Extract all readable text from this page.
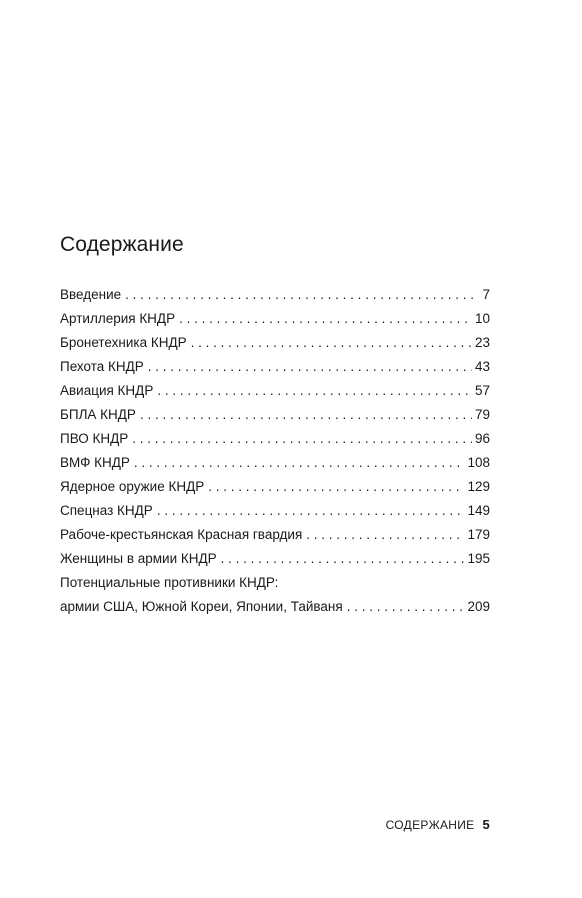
Содержание
Введение . . .	7
Артиллерия КНДР . . .	10
Бронетехника КНДР . . .	23
Пехота КНДР . . .	43
Авиация КНДР . . .	57
БПЛА КНДР . . .	79
ПВО КНДР . . .	96
ВМФ КНДР . . .	108
Ядерное оружие КНДР . . .	129
Спецназ КНДР . . .	149
Рабоче-крестьянская Красная гвардия . . .	179
Женщины в армии КНДР . . .	195
Потенциальные противники КНДР:
армии США, Южной Кореи, Японии, Тайваня . . .	209
СОДЕРЖАНИЕ 5
